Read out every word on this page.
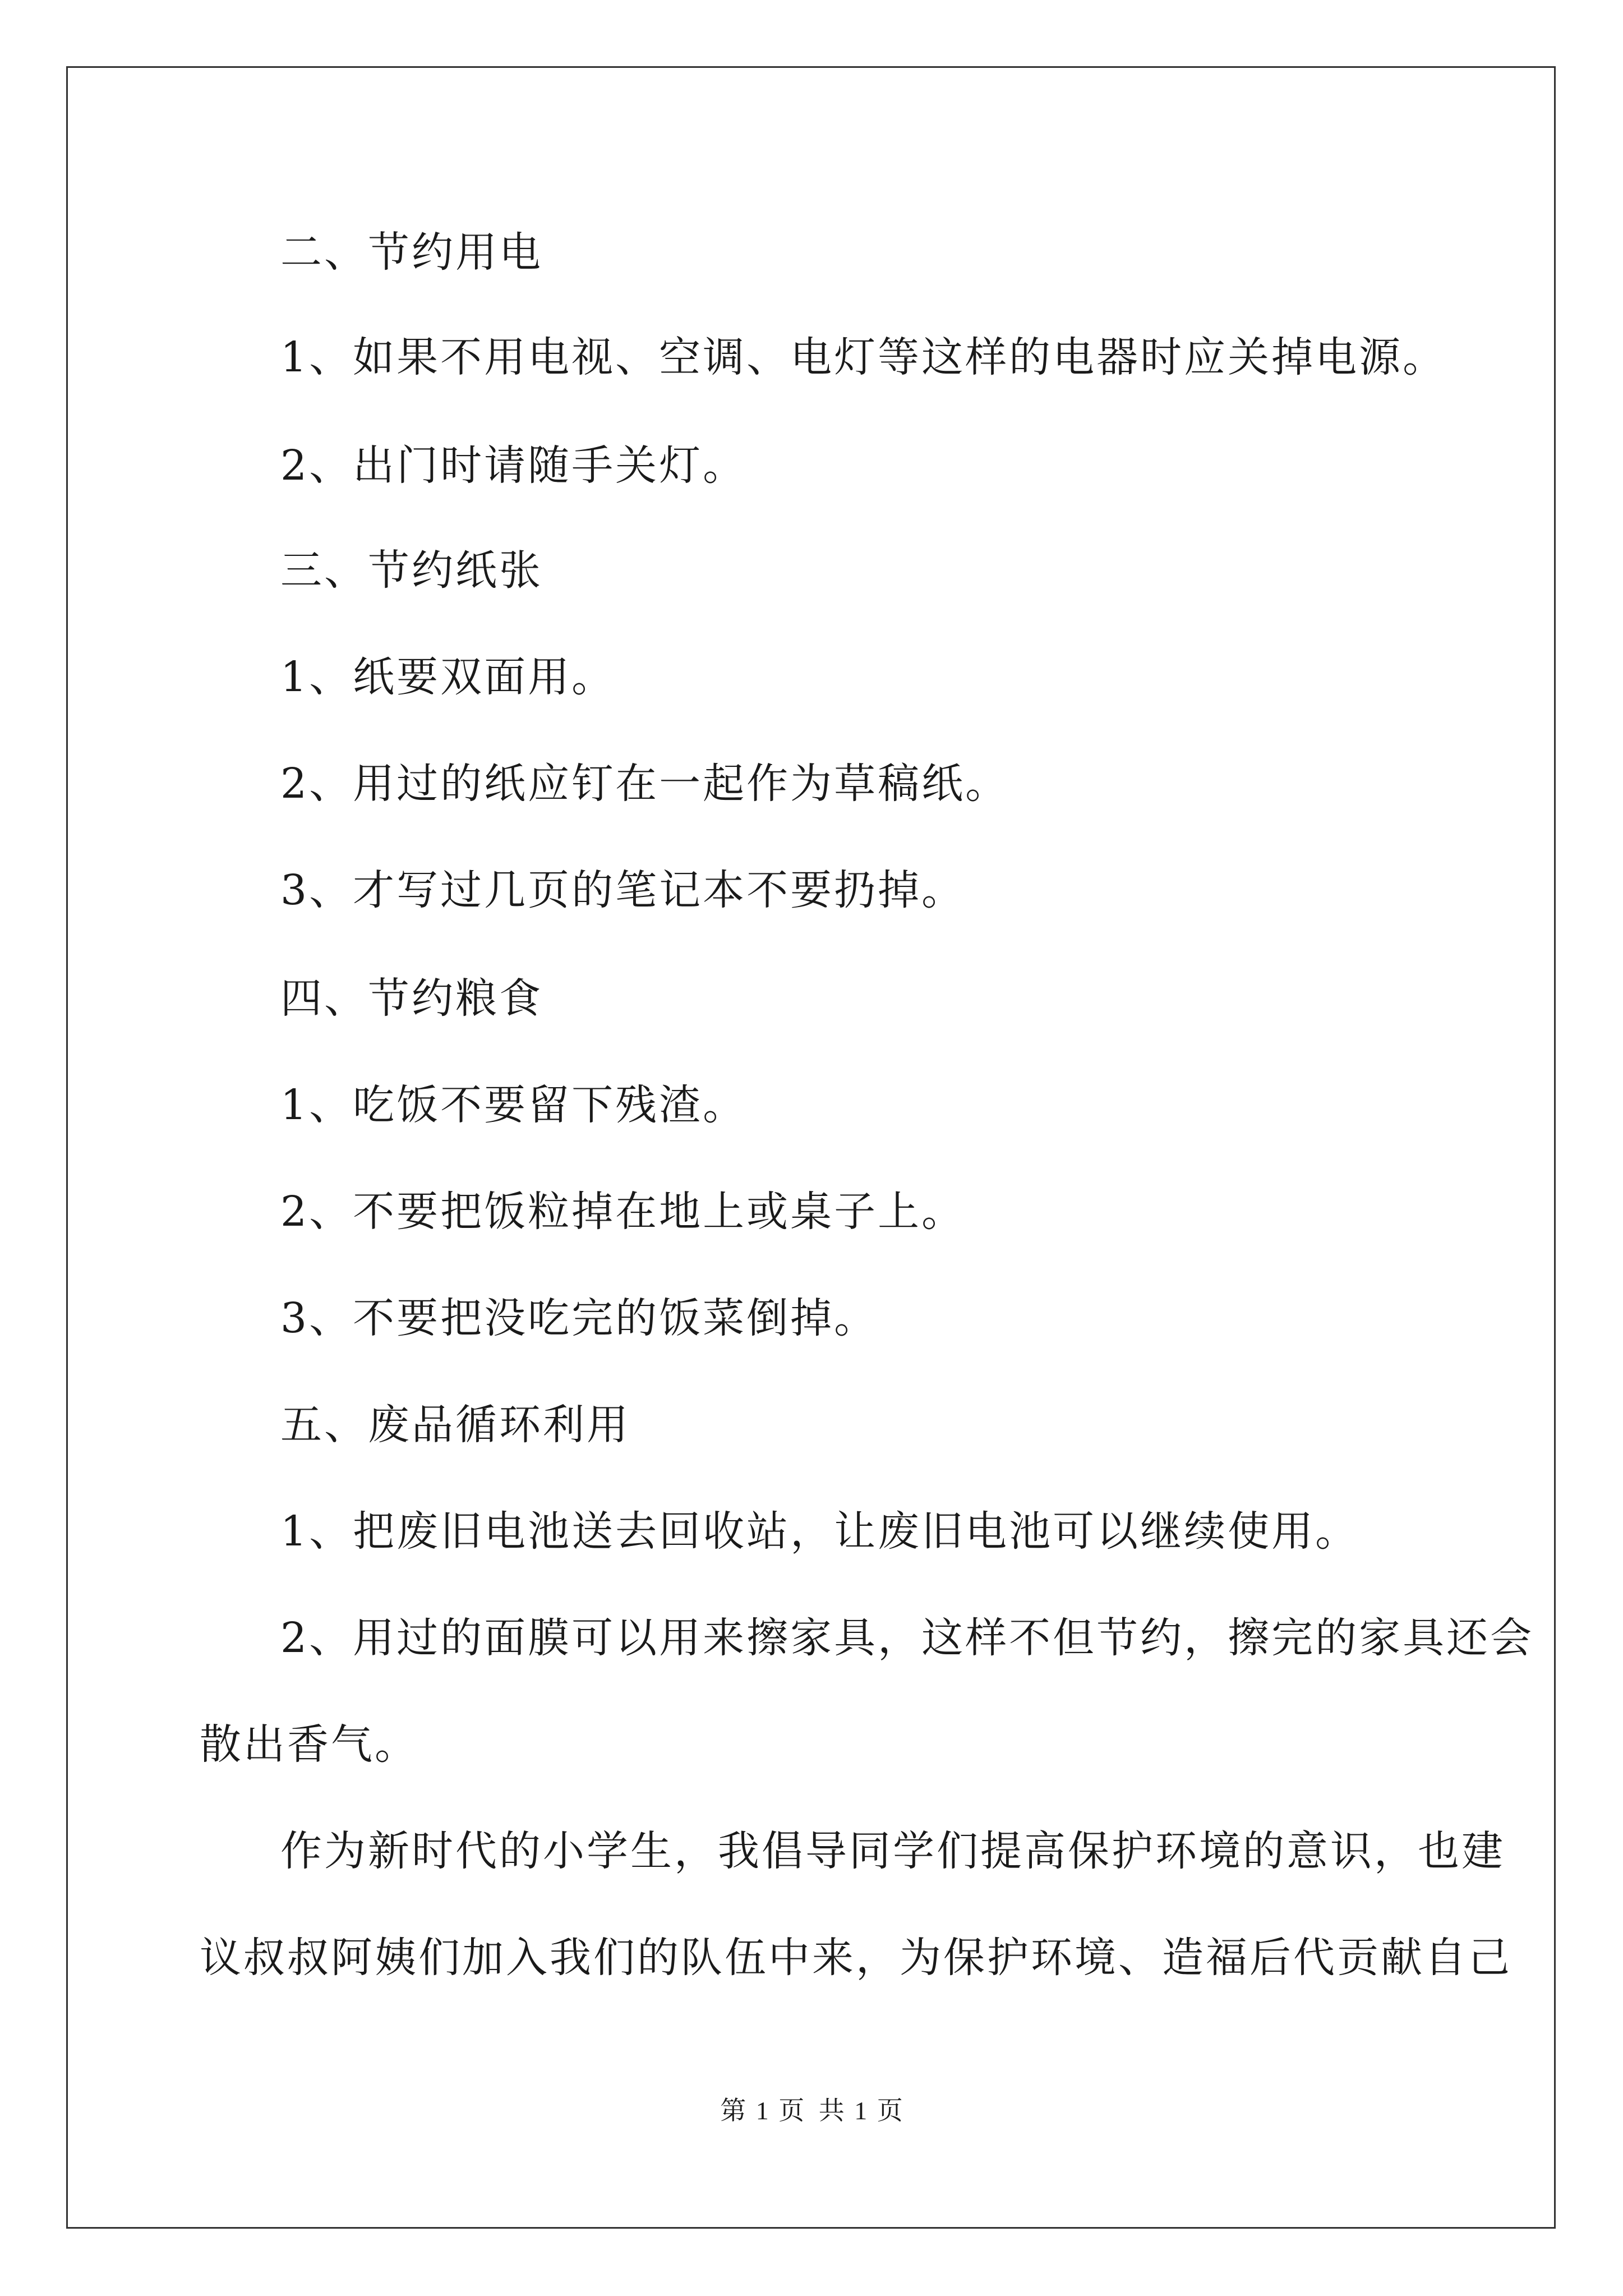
二、节约用电
1、如果不用电视、空调、电灯等这样的电器时应关掉电源。
2、出门时请随手关灯。
三、节约纸张
1、纸要双面用。
2、用过的纸应钉在一起作为草稿纸。
3、才写过几页的笔记本不要扔掉。
四、节约粮食
1、吃饭不要留下残渣。
2、不要把饭粒掉在地上或桌子上。
3、不要把没吃完的饭菜倒掉。
五、废品循环利用
1、把废旧电池送去回收站，让废旧电池可以继续使用。
2、用过的面膜可以用来擦家具，这样不但节约，擦完的家具还会
散出香气。
作为新时代的小学生，我倡导同学们提高保护环境的意识，也建
议叔叔阿姨们加入我们的队伍中来，为保护环境、造福后代贡献自己
第 1 页 共 1 页
